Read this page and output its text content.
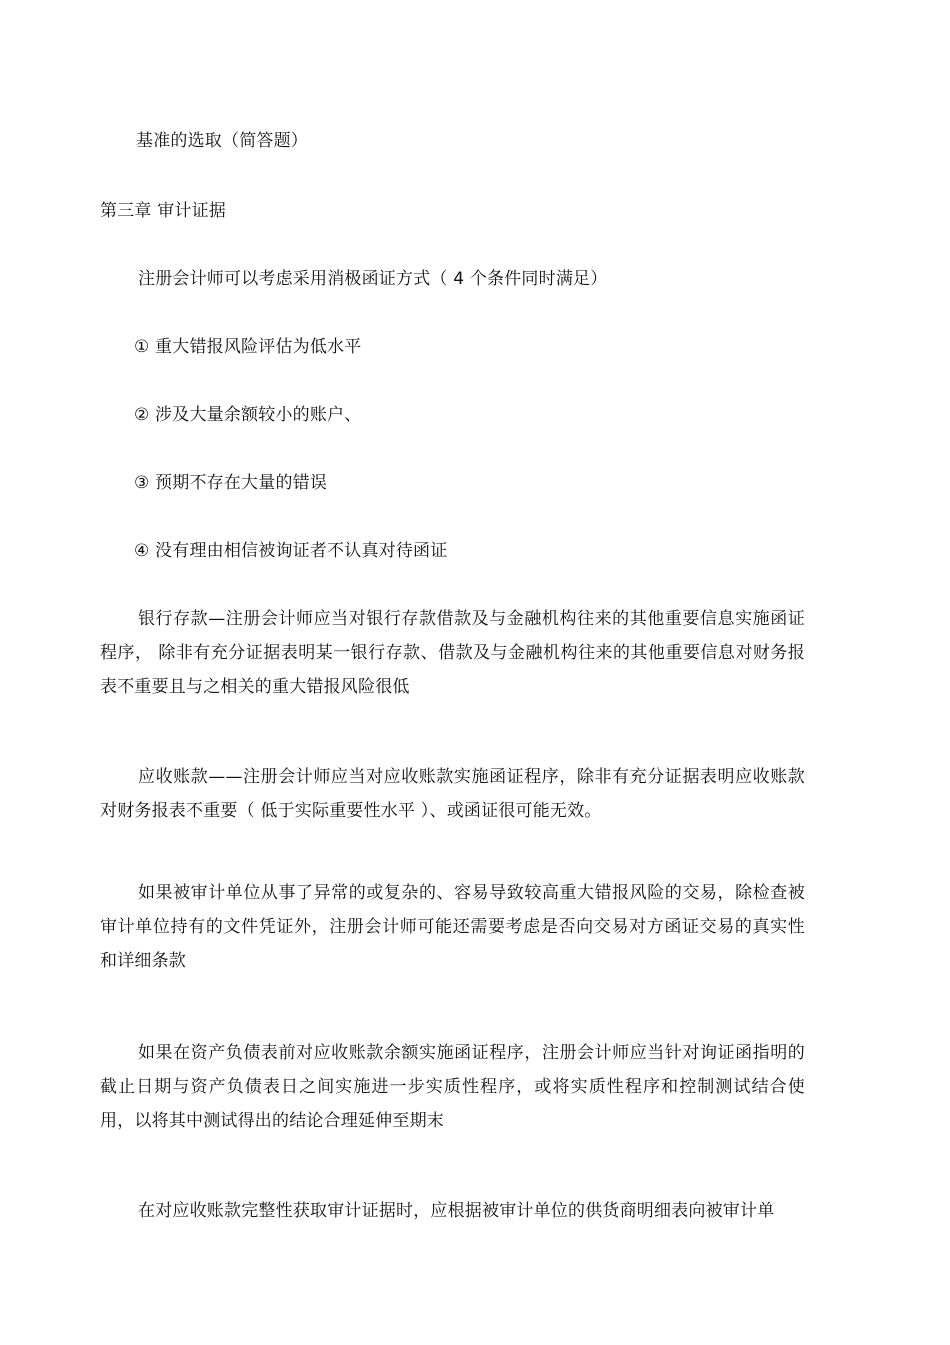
基准的选取（简答题）
第三章 审计证据
注册会计师可以考虑采用消极函证方式（ 4 个条件同时满足）
① 重大错报风险评估为低水平
② 涉及大量余额较小的账户、
③ 预期不存在大量的错误
④ 没有理由相信被询证者不认真对待函证
银行存款—注册会计师应当对银行存款借款及与金融机构往来的其他重要信息实施函证程序， 除非有充分证据表明某一银行存款、借款及与金融机构往来的其他重要信息对财务报表不重要且与之相关的重大错报风险很低
应收账款——注册会计师应当对应收账款实施函证程序，除非有充分证据表明应收账款对财务报表不重要（ 低于实际重要性水平 ）、或函证很可能无效。
如果被审计单位从事了异常的或复杂的、容易导致较高重大错报风险的交易，除检查被审计单位持有的文件凭证外，注册会计师可能还需要考虑是否向交易对方函证交易的真实性和详细条款
如果在资产负债表前对应收账款余额实施函证程序，注册会计师应当针对询证函指明的截止日期与资产负债表日之间实施进一步实质性程序，或将实质性程序和控制测试结合使用，以将其中测试得出的结论合理延伸至期末
在对应收账款完整性获取审计证据时，应根据被审计单位的供货商明细表向被审计单
